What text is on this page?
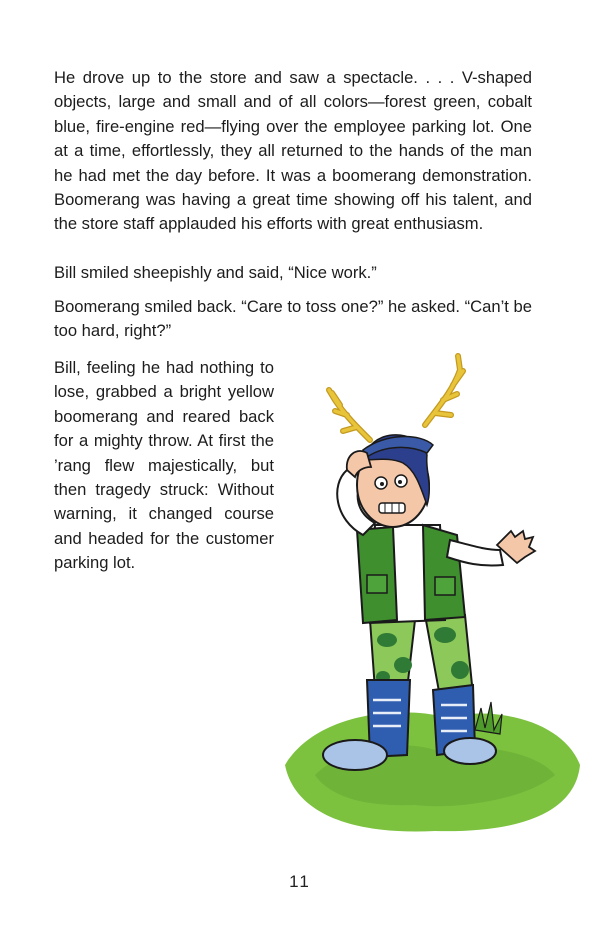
He drove up to the store and saw a spectacle. . . . V-shaped objects, large and small and of all colors—forest green, cobalt blue, fire-engine red—flying over the employee parking lot. One at a time, effortlessly, they all returned to the hands of the man he had met the day before. It was a boomerang demonstration. Boomerang was having a great time showing off his talent, and the store staff applauded his efforts with great enthusiasm.

Bill smiled sheepishly and said, “Nice work.”

Boomerang smiled back. “Care to toss one?” he asked. “Can’t be too hard, right?”

Bill, feeling he had nothing to lose, grabbed a bright yellow boomerang and reared back for a mighty throw. At first the ’rang flew majestically, but then tragedy struck: Without warning, it changed course and headed for the customer parking lot.

11
